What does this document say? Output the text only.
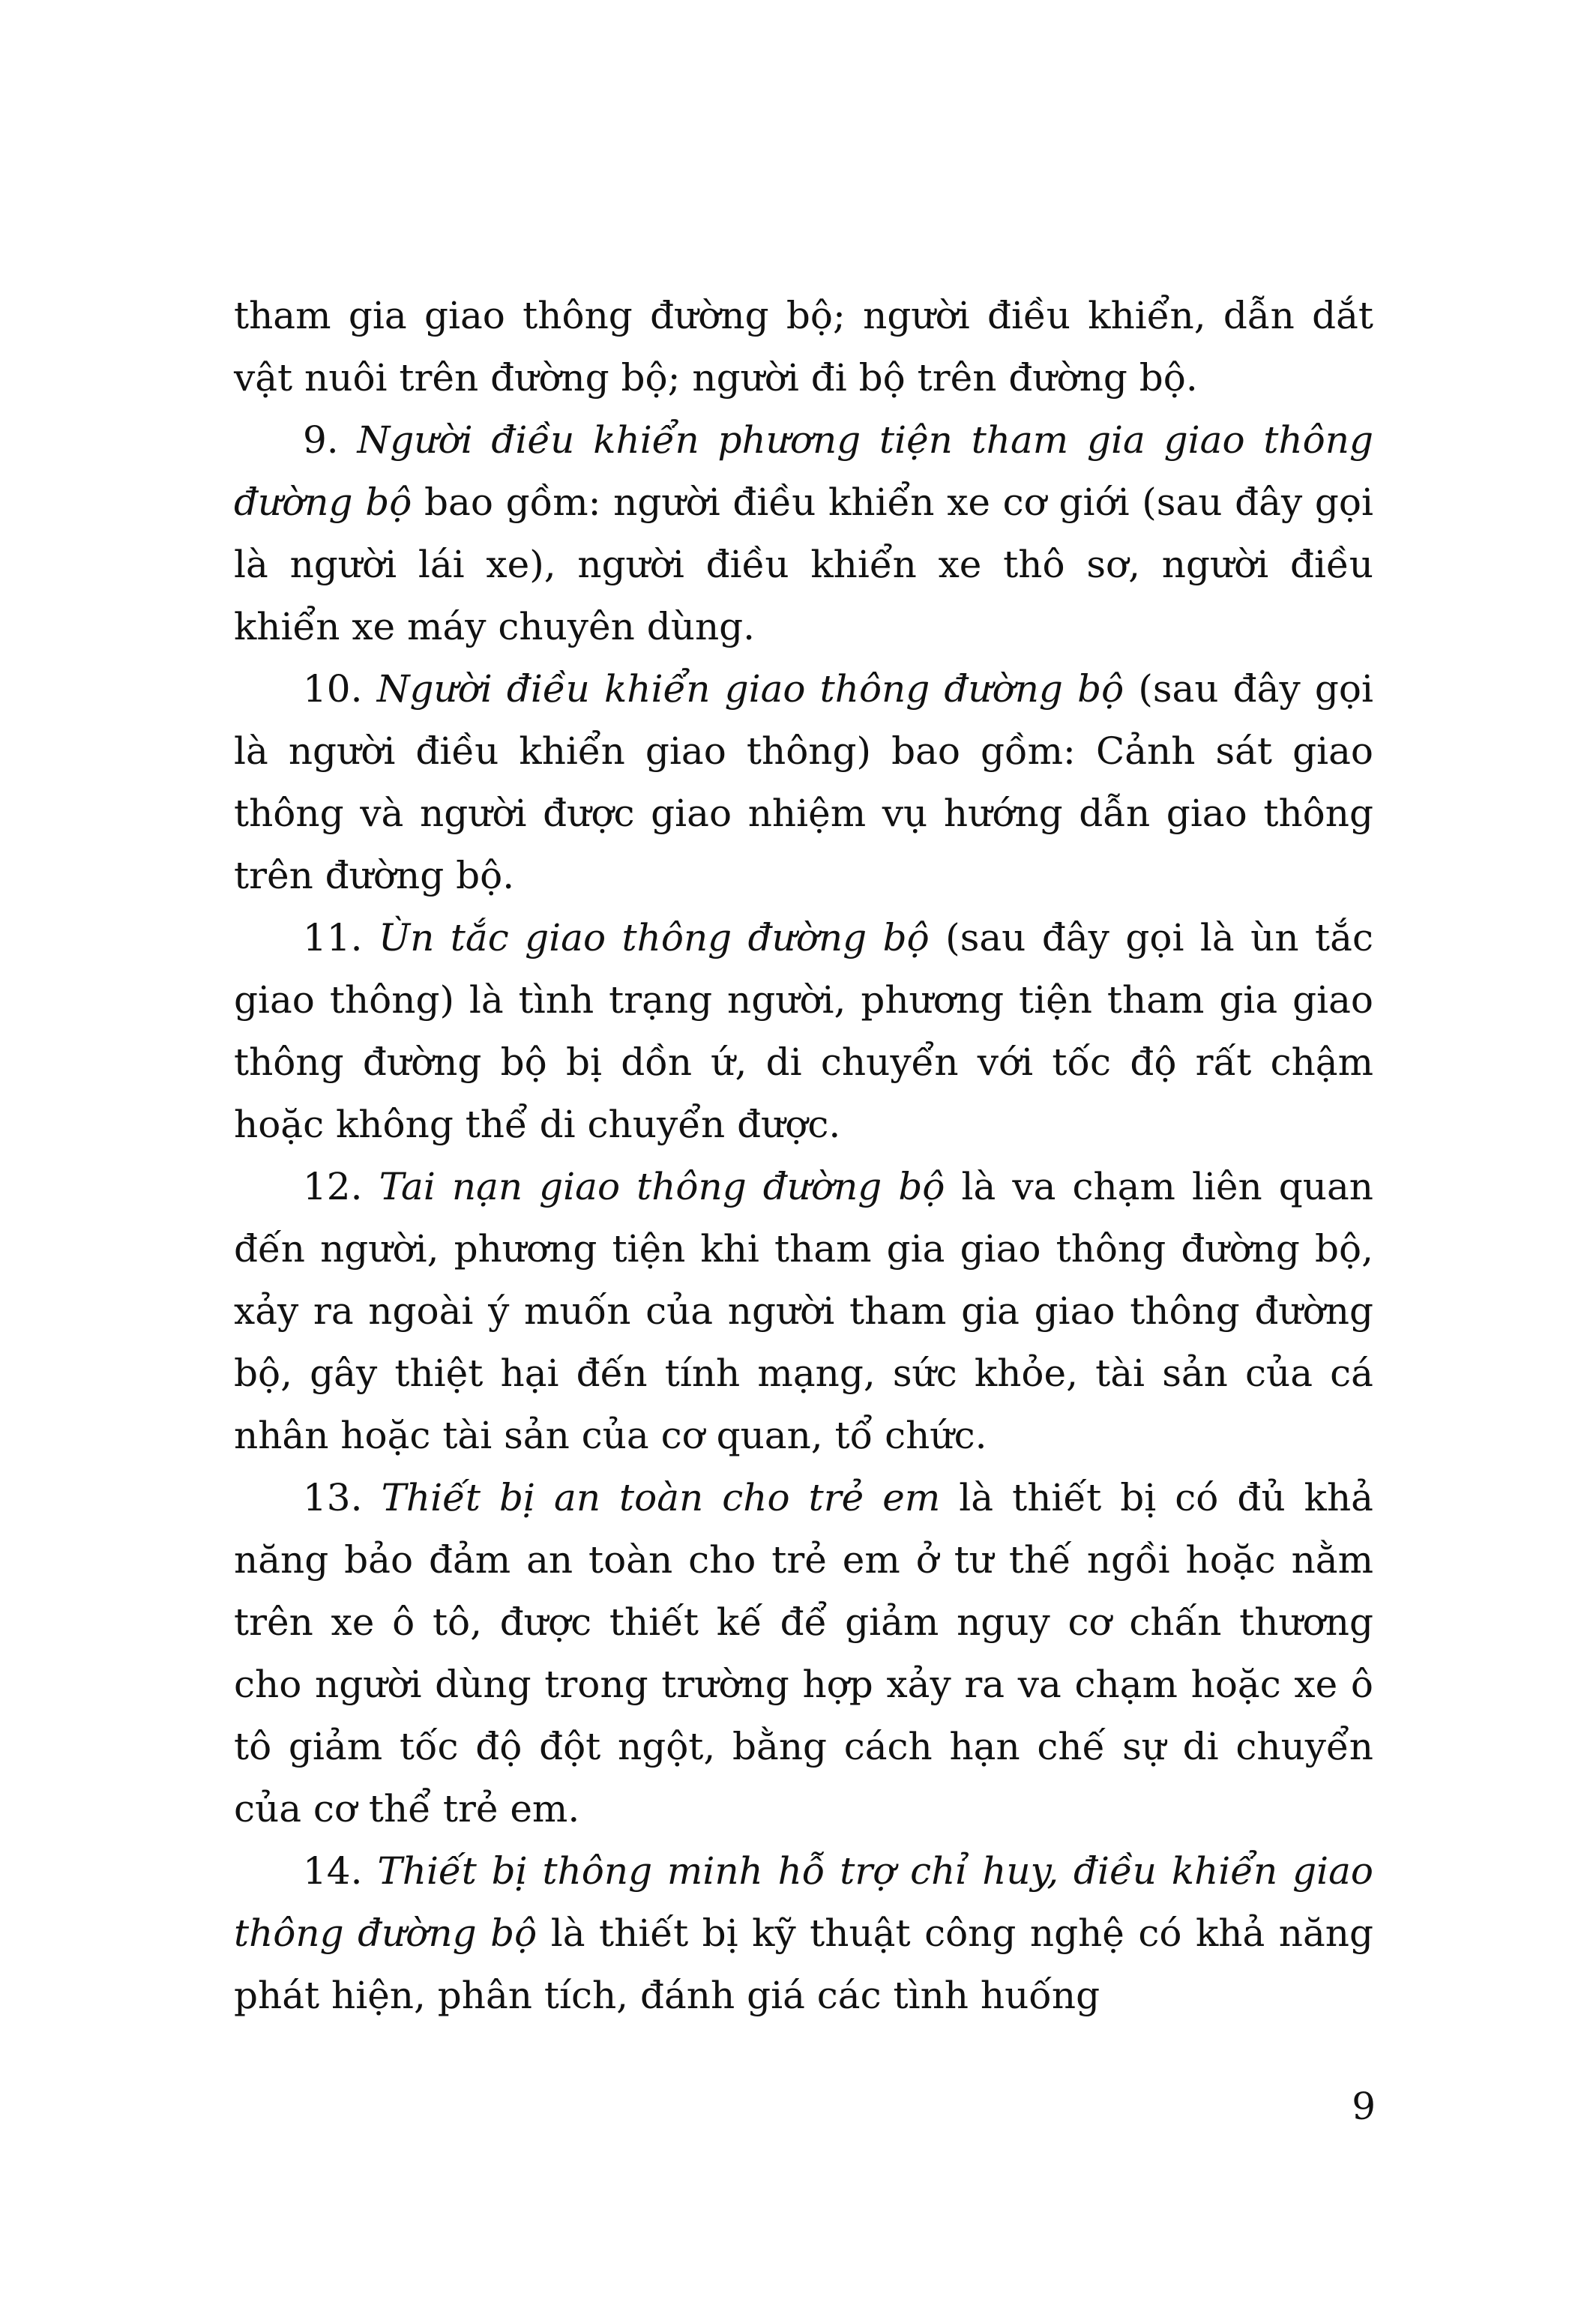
tham gia giao thông đường bộ; người điều khiển, dẫn dắt vật nuôi trên đường bộ; người đi bộ trên đường bộ.

9. Người điều khiển phương tiện tham gia giao thông đường bộ bao gồm: người điều khiển xe cơ giới (sau đây gọi là người lái xe), người điều khiển xe thô sơ, người điều khiển xe máy chuyên dùng.

10. Người điều khiển giao thông đường bộ (sau đây gọi là người điều khiển giao thông) bao gồm: Cảnh sát giao thông và người được giao nhiệm vụ hướng dẫn giao thông trên đường bộ.

11. Ùn tắc giao thông đường bộ (sau đây gọi là ùn tắc giao thông) là tình trạng người, phương tiện tham gia giao thông đường bộ bị dồn ứ, di chuyển với tốc độ rất chậm hoặc không thể di chuyển được.

12. Tai nạn giao thông đường bộ là va chạm liên quan đến người, phương tiện khi tham gia giao thông đường bộ, xảy ra ngoài ý muốn của người tham gia giao thông đường bộ, gây thiệt hại đến tính mạng, sức khỏe, tài sản của cá nhân hoặc tài sản của cơ quan, tổ chức.

13. Thiết bị an toàn cho trẻ em là thiết bị có đủ khả năng bảo đảm an toàn cho trẻ em ở tư thế ngồi hoặc nằm trên xe ô tô, được thiết kế để giảm nguy cơ chấn thương cho người dùng trong trường hợp xảy ra va chạm hoặc xe ô tô giảm tốc độ đột ngột, bằng cách hạn chế sự di chuyển của cơ thể trẻ em.

14. Thiết bị thông minh hỗ trợ chỉ huy, điều khiển giao thông đường bộ là thiết bị kỹ thuật công nghệ có khả năng phát hiện, phân tích, đánh giá các tình huống

9
